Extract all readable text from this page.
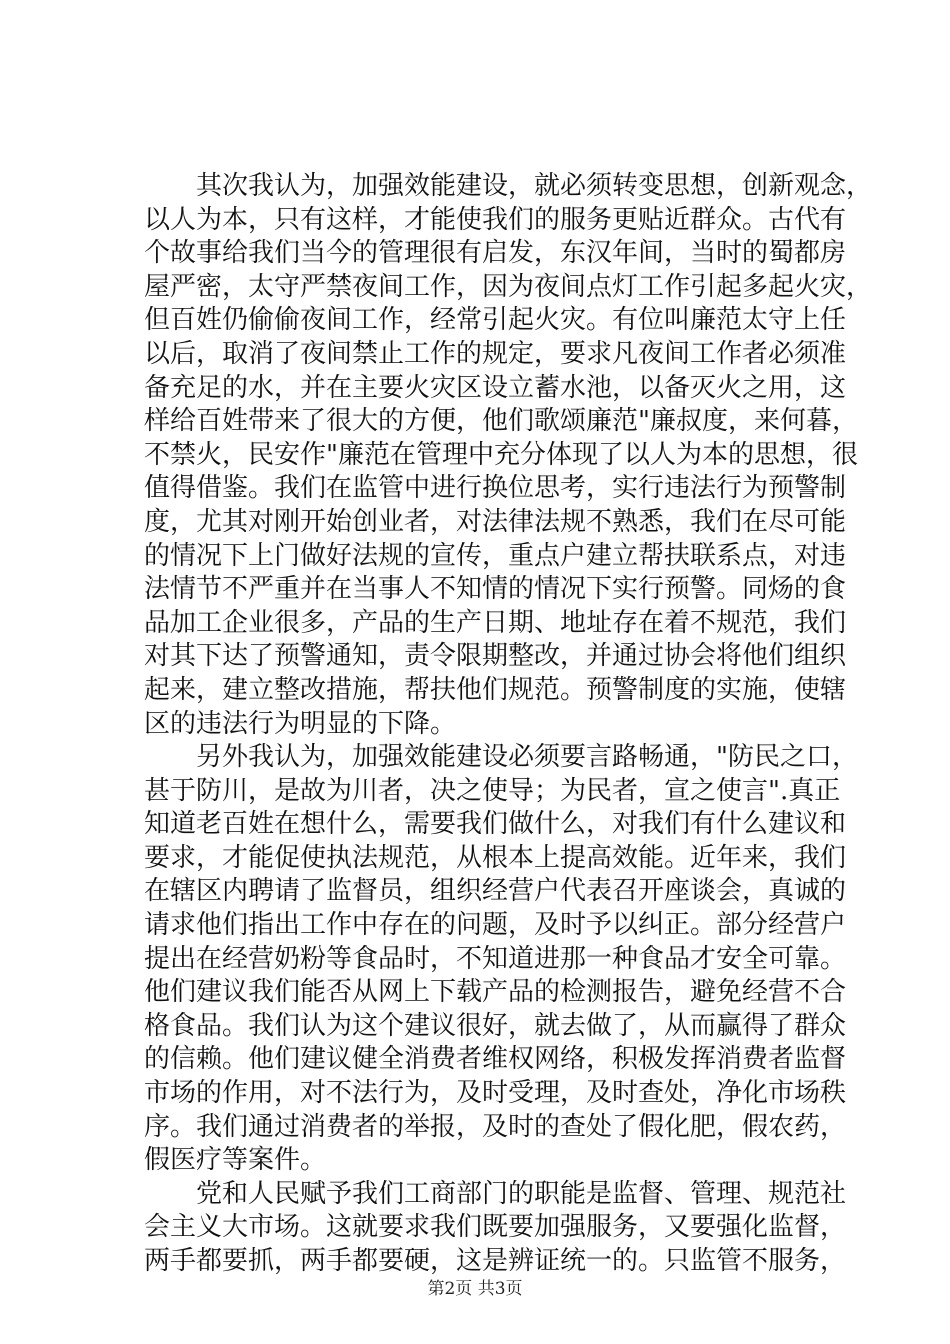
　　其次我认为，加强效能建设，就必须转变思想，创新观念，
以人为本，只有这样，才能使我们的服务更贴近群众。古代有
个故事给我们当今的管理很有启发，东汉年间，当时的蜀都房
屋严密，太守严禁夜间工作，因为夜间点灯工作引起多起火灾，
但百姓仍偷偷夜间工作，经常引起火灾。有位叫廉范太守上任
以后，取消了夜间禁止工作的规定，要求凡夜间工作者必须准
备充足的水，并在主要火灾区设立蓄水池，以备灭火之用，这
样给百姓带来了很大的方便，他们歌颂廉范"廉叔度，来何暮，
不禁火，民安作"廉范在管理中充分体现了以人为本的思想，很
值得借鉴。我们在监管中进行换位思考，实行违法行为预警制
度，尤其对刚开始创业者，对法律法规不熟悉，我们在尽可能
的情况下上门做好法规的宣传，重点户建立帮扶联系点，对违
法情节不严重并在当事人不知情的情况下实行预警。同炀的食
品加工企业很多，产品的生产日期、地址存在着不规范，我们
对其下达了预警通知，责令限期整改，并通过协会将他们组织
起来，建立整改措施，帮扶他们规范。预警制度的实施，使辖
区的违法行为明显的下降。
　　另外我认为，加强效能建设必须要言路畅通，"防民之口，
甚于防川，是故为川者，决之使导；为民者，宣之使言".真正
知道老百姓在想什么，需要我们做什么，对我们有什么建议和
要求，才能促使执法规范，从根本上提高效能。近年来，我们
在辖区内聘请了监督员，组织经营户代表召开座谈会，真诚的
请求他们指出工作中存在的问题，及时予以纠正。部分经营户
提出在经营奶粉等食品时，不知道进那一种食品才安全可靠。
他们建议我们能否从网上下载产品的检测报告，避免经营不合
格食品。我们认为这个建议很好，就去做了，从而赢得了群众
的信赖。他们建议健全消费者维权网络，积极发挥消费者监督
市场的作用，对不法行为，及时受理，及时查处，净化市场秩
序。我们通过消费者的举报，及时的查处了假化肥，假农药，
假医疗等案件。
　　党和人民赋予我们工商部门的职能是监督、管理、规范社
会主义大市场。这就要求我们既要加强服务，又要强化监督，
两手都要抓，两手都要硬，这是辨证统一的。只监管不服务，
第2页 共3页
